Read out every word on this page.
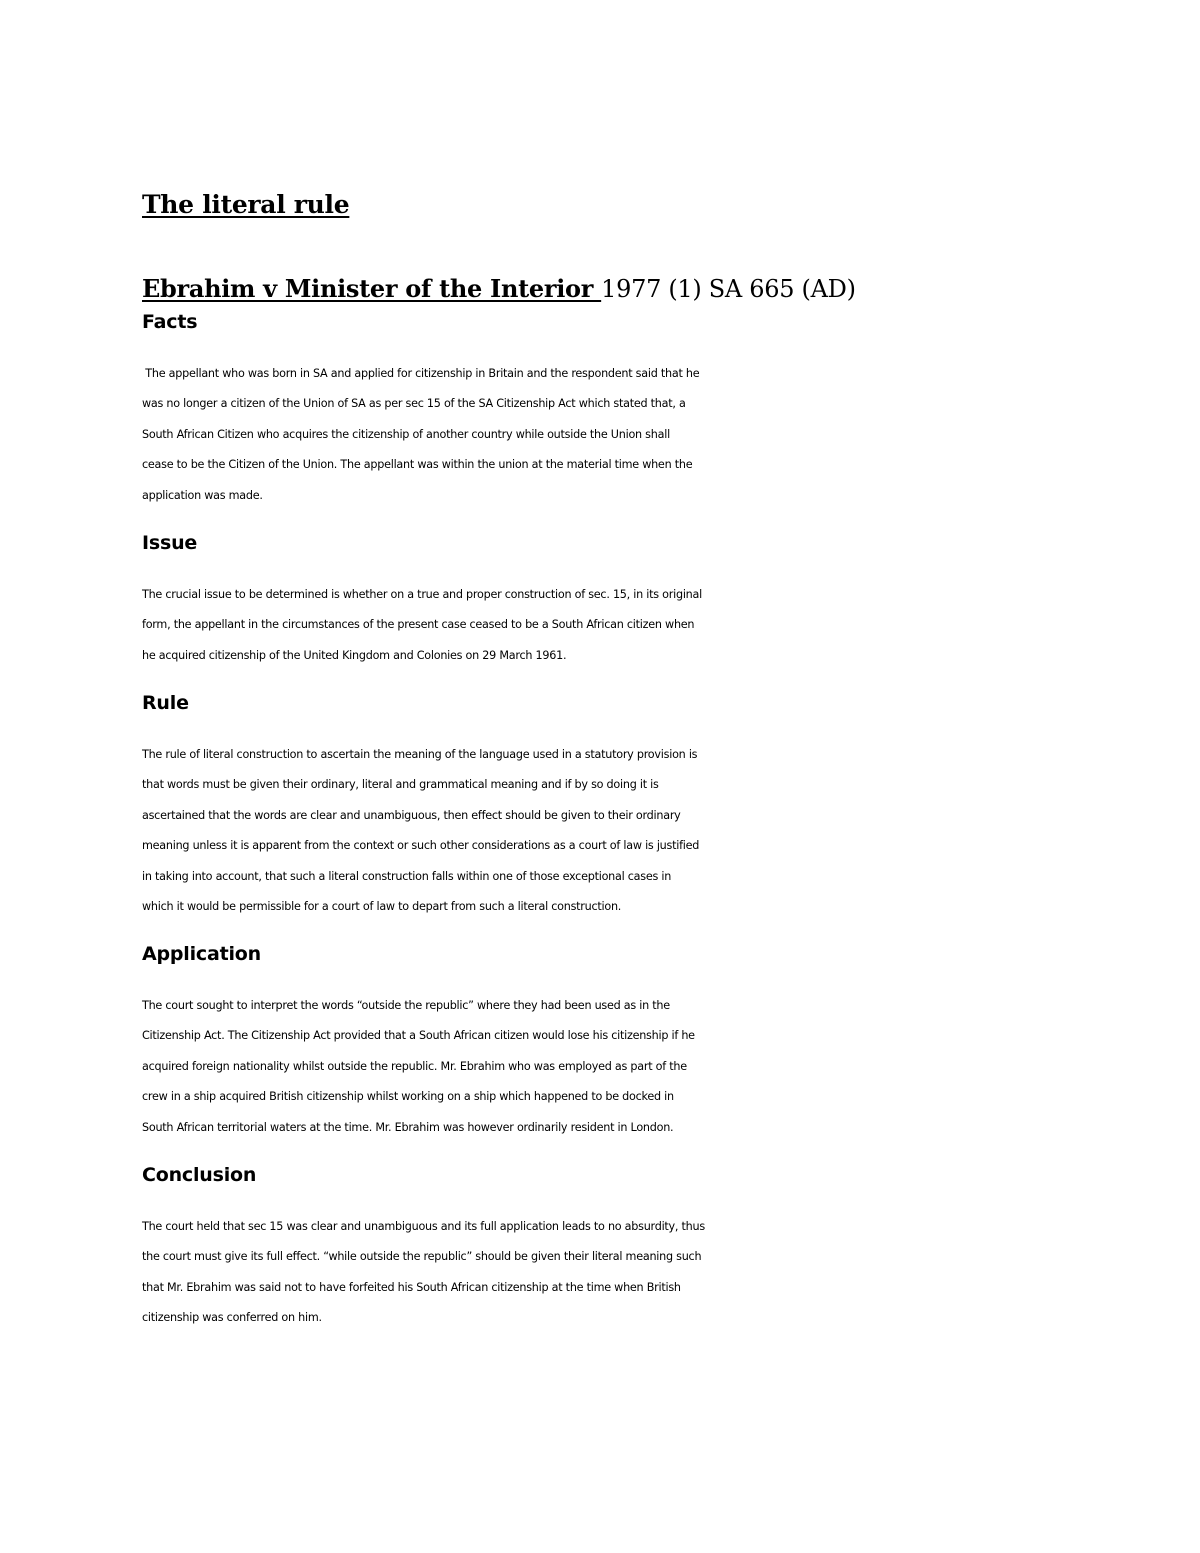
The literal rule
Ebrahim v Minister of the Interior 1977 (1) SA 665 (AD)
Facts
The appellant who was born in SA and applied for citizenship in Britain and the respondent said that he
was no longer a citizen of the Union of SA as per sec 15 of the SA Citizenship Act which stated that, a
South African Citizen who acquires the citizenship of another country while outside the Union shall
cease to be the Citizen of the Union. The appellant was within the union at the material time when the
application was made.
Issue
The crucial issue to be determined is whether on a true and proper construction of sec. 15, in its original
form, the appellant in the circumstances of the present case ceased to be a South African citizen when
he acquired citizenship of the United Kingdom and Colonies on 29 March 1961.
Rule
The rule of literal construction to ascertain the meaning of the language used in a statutory provision is
that words must be given their ordinary, literal and grammatical meaning and if by so doing it is
ascertained that the words are clear and unambiguous, then effect should be given to their ordinary
meaning unless it is apparent from the context or such other considerations as a court of law is justified
in taking into account, that such a literal construction falls within one of those exceptional cases in
which it would be permissible for a court of law to depart from such a literal construction.
Application
The court sought to interpret the words “outside the republic” where they had been used as in the
Citizenship Act. The Citizenship Act provided that a South African citizen would lose his citizenship if he
acquired foreign nationality whilst outside the republic. Mr. Ebrahim who was employed as part of the
crew in a ship acquired British citizenship whilst working on a ship which happened to be docked in
South African territorial waters at the time. Mr. Ebrahim was however ordinarily resident in London.
Conclusion
The court held that sec 15 was clear and unambiguous and its full application leads to no absurdity, thus
the court must give its full effect. “while outside the republic” should be given their literal meaning such
that Mr. Ebrahim was said not to have forfeited his South African citizenship at the time when British
citizenship was conferred on him.
